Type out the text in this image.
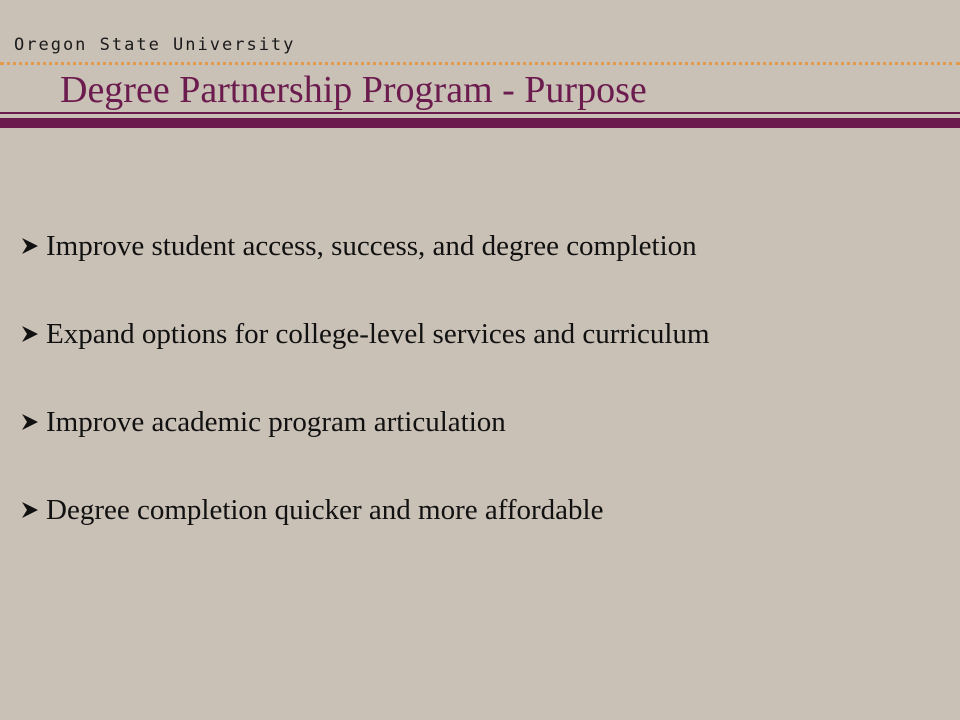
Oregon State University
Degree Partnership Program - Purpose
Improve student access, success, and degree completion
Expand options for college-level services and curriculum
Improve academic program articulation
Degree completion quicker and more affordable
